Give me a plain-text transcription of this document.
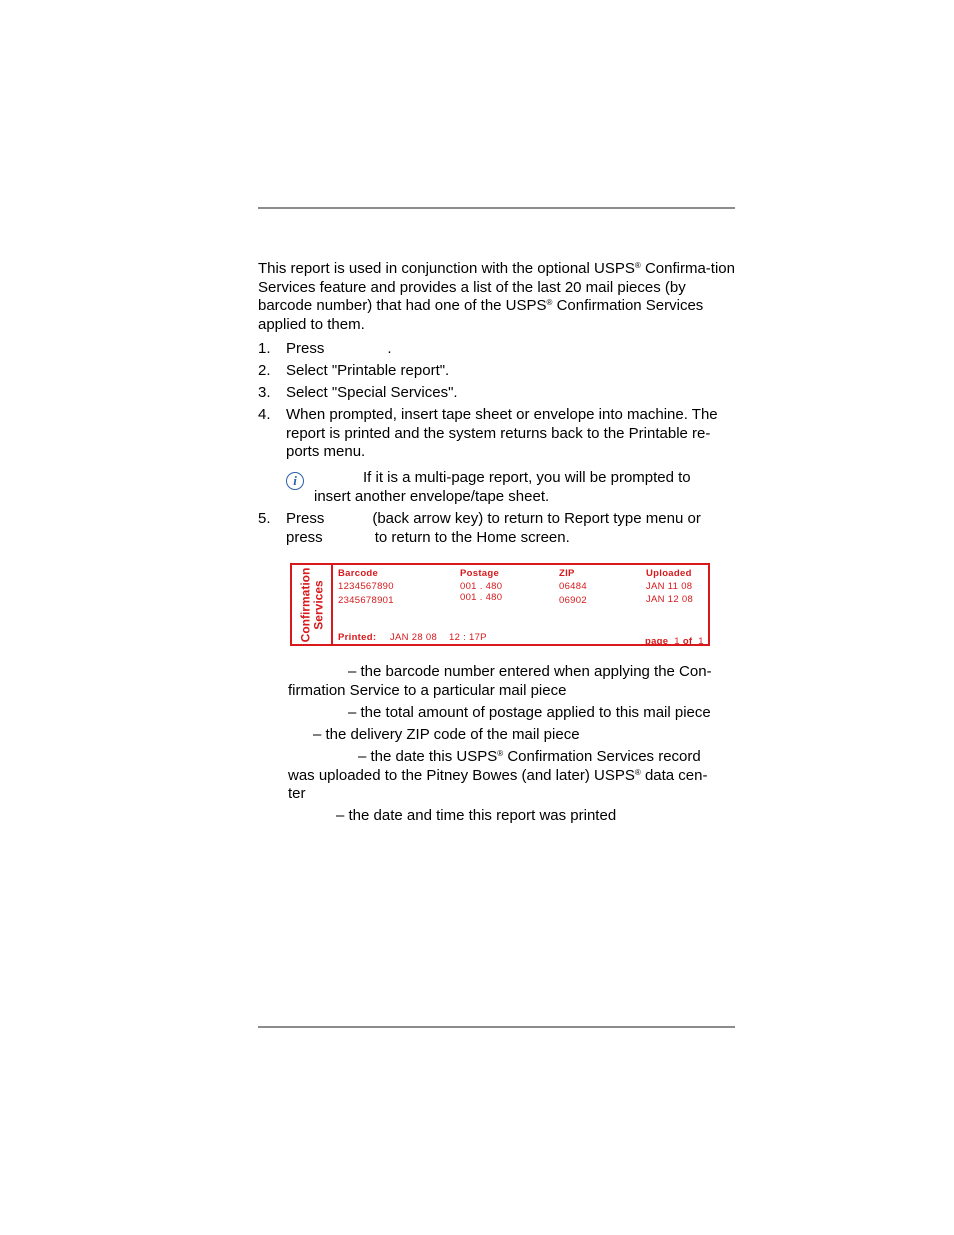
This report is used in conjunction with the optional USPS® Confirma-tion Services feature and provides a list of the last 20 mail pieces (by barcode number) that had one of the USPS® Confirmation Services applied to them.
1. Press	.
2. Select "Printable report".
3. Select "Special Services".
4. When prompted, insert tape sheet or envelope into machine. The report is printed and the system returns back to the Printable re-ports menu.
i	If it is a multi-page report, you will be prompted to
insert another envelope/tape sheet.
5. Press	(back arrow key) to return to Report type menu or
press	to return to the Home screen.
Confirmation
Services
Barcode	Postage	ZIP	Uploaded
1234567890	001 . 480	06484	JAN 11 08
2345678901	001 . 480	06902	JAN 12 08
Printed: JAN 28 08 12 : 17P	page 1 of 1
– the barcode number entered when applying the Con-
firmation Service to a particular mail piece
– the total amount of postage applied to this mail piece
– the delivery ZIP code of the mail piece
– the date this USPS® Confirmation Services record
was uploaded to the Pitney Bowes (and later) USPS® data cen-
ter
– the date and time this report was printed
